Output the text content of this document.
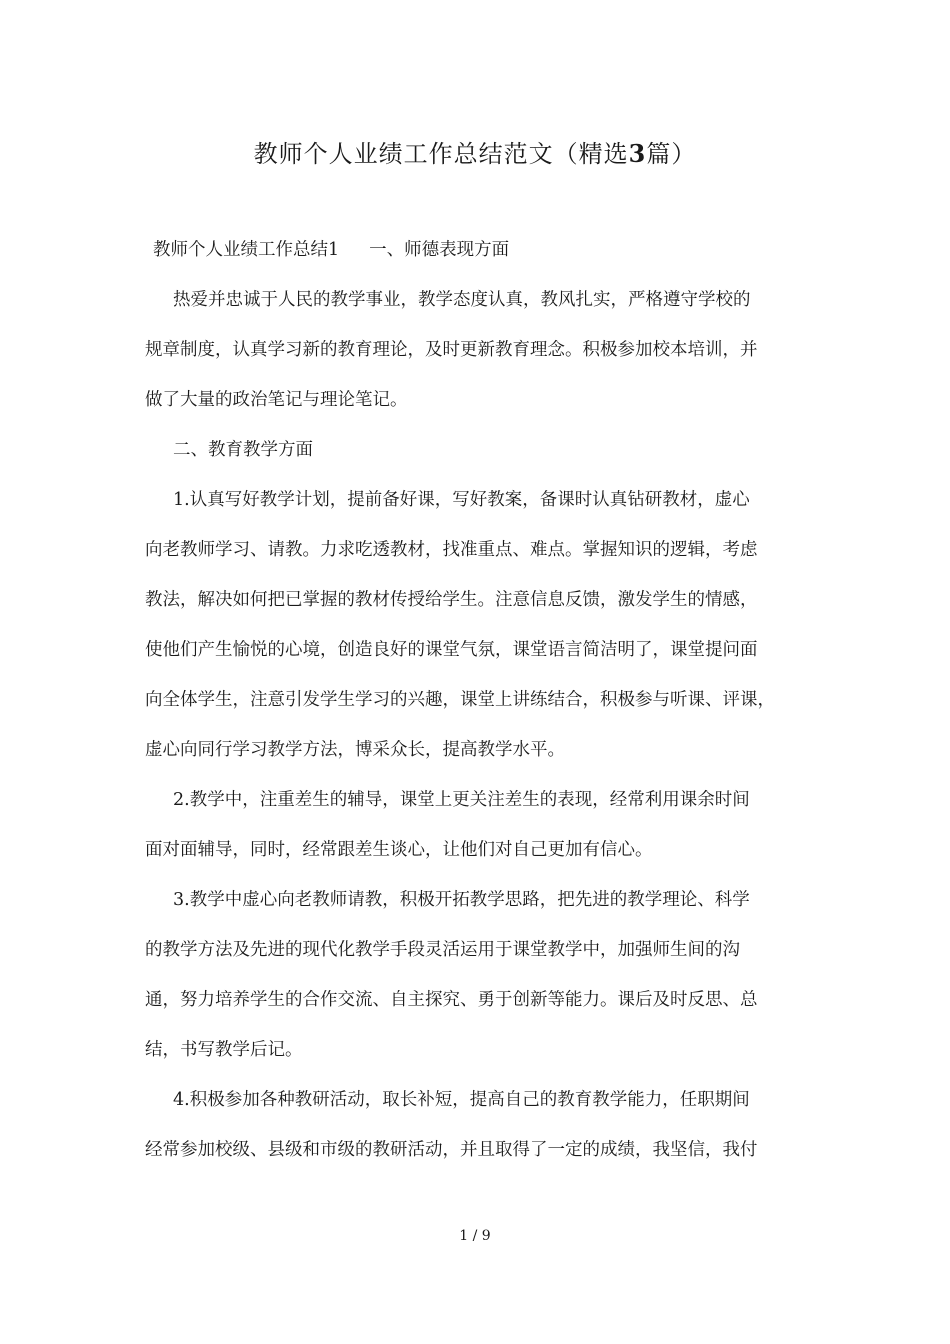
教师个人业绩工作总结范文（精选3篇）
教师个人业绩工作总结1 一、师德表现方面
热爱并忠诚于人民的教学事业，教学态度认真，教风扎实，严格遵守学校的
规章制度，认真学习新的教育理论，及时更新教育理念。积极参加校本培训，并
做了大量的政治笔记与理论笔记。
二、教育教学方面
1.认真写好教学计划，提前备好课，写好教案，备课时认真钻研教材，虚心
向老教师学习、请教。力求吃透教材，找准重点、难点。掌握知识的逻辑，考虑
教法，解决如何把已掌握的教材传授给学生。注意信息反馈，激发学生的情感，
使他们产生愉悦的心境，创造良好的课堂气氛，课堂语言简洁明了，课堂提问面
向全体学生，注意引发学生学习的兴趣，课堂上讲练结合，积极参与听课、评课，
虚心向同行学习教学方法，博采众长，提高教学水平。
2.教学中，注重差生的辅导，课堂上更关注差生的表现，经常利用课余时间
面对面辅导，同时，经常跟差生谈心，让他们对自己更加有信心。
3.教学中虚心向老教师请教，积极开拓教学思路，把先进的教学理论、科学
的教学方法及先进的现代化教学手段灵活运用于课堂教学中，加强师生间的沟
通，努力培养学生的合作交流、自主探究、勇于创新等能力。课后及时反思、总
结，书写教学后记。
4.积极参加各种教研活动，取长补短，提高自己的教育教学能力，任职期间
经常参加校级、县级和市级的教研活动，并且取得了一定的成绩，我坚信，我付
1 / 9
